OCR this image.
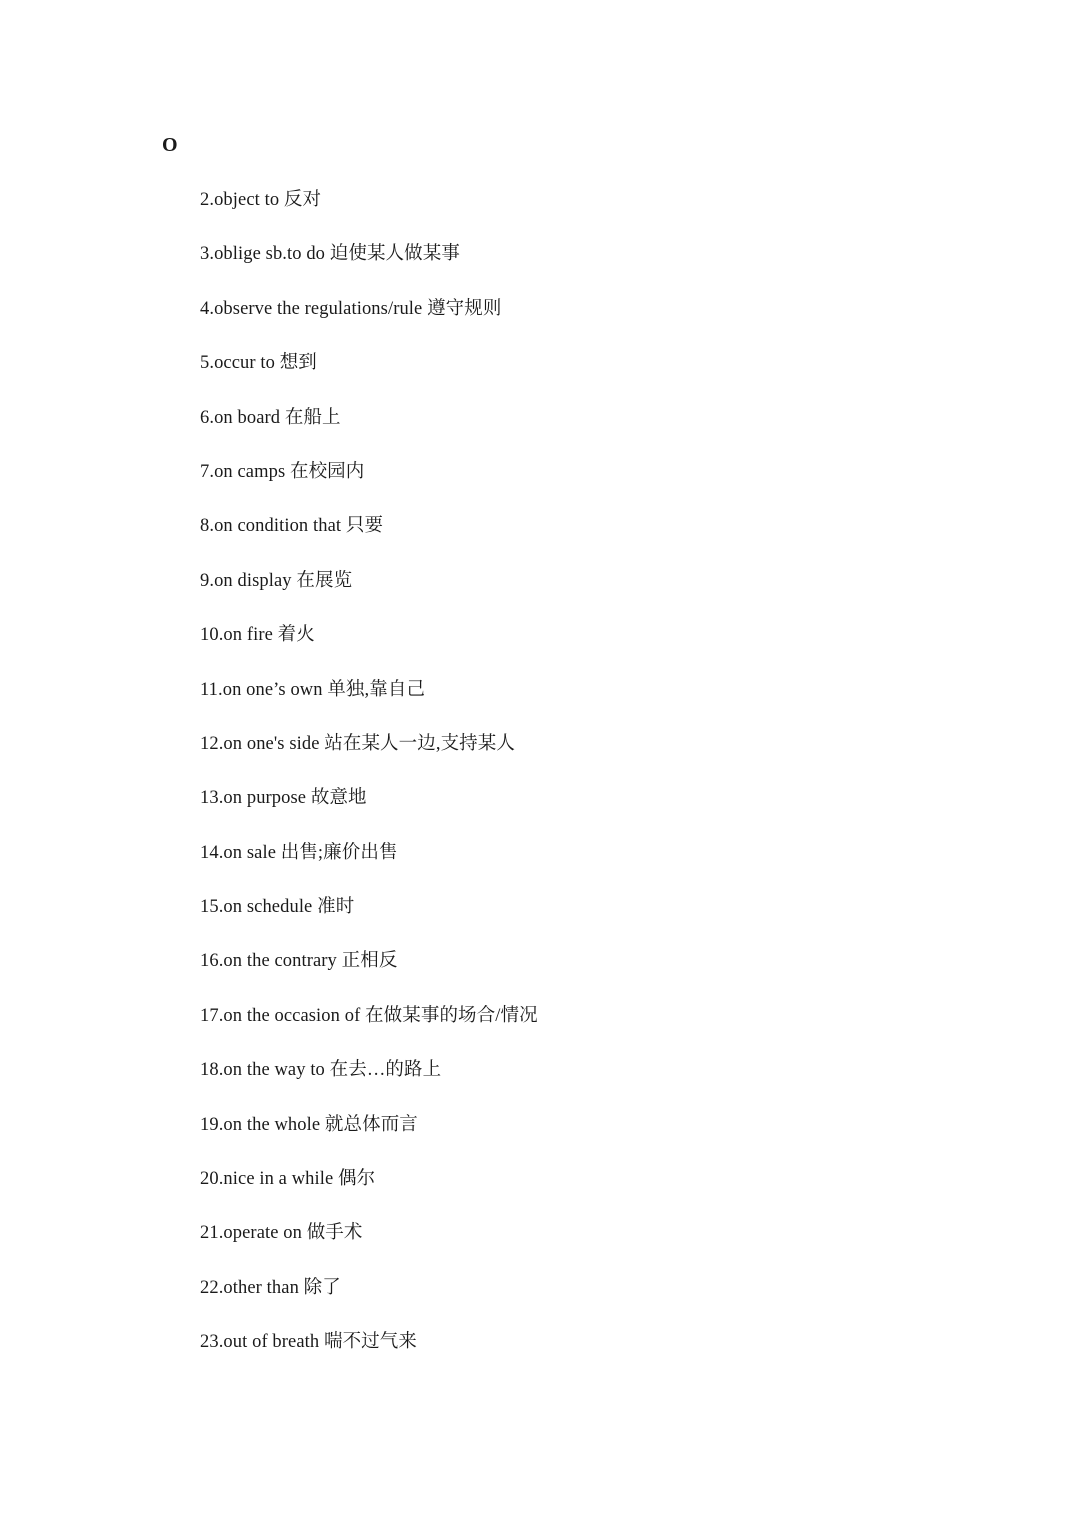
O
2.object to 反对
3.oblige sb.to do 迫使某人做某事
4.observe the regulations/rule 遵守规则
5.occur to 想到
6.on board 在船上
7.on camps 在校园内
8.on condition that 只要
9.on display 在展览
10.on fire 着火
11.on one’s own 单独,靠自己
12.on one's side 站在某人一边,支持某人
13.on purpose 故意地
14.on sale 出售;廉价出售
15.on schedule 准时
16.on the contrary 正相反
17.on the occasion of 在做某事的场合/情况
18.on the way to 在去…的路上
19.on the whole 就总体而言
20.nice in a while 偶尔
21.operate on 做手术
22.other than 除了
23.out of breath 喘不过气来
